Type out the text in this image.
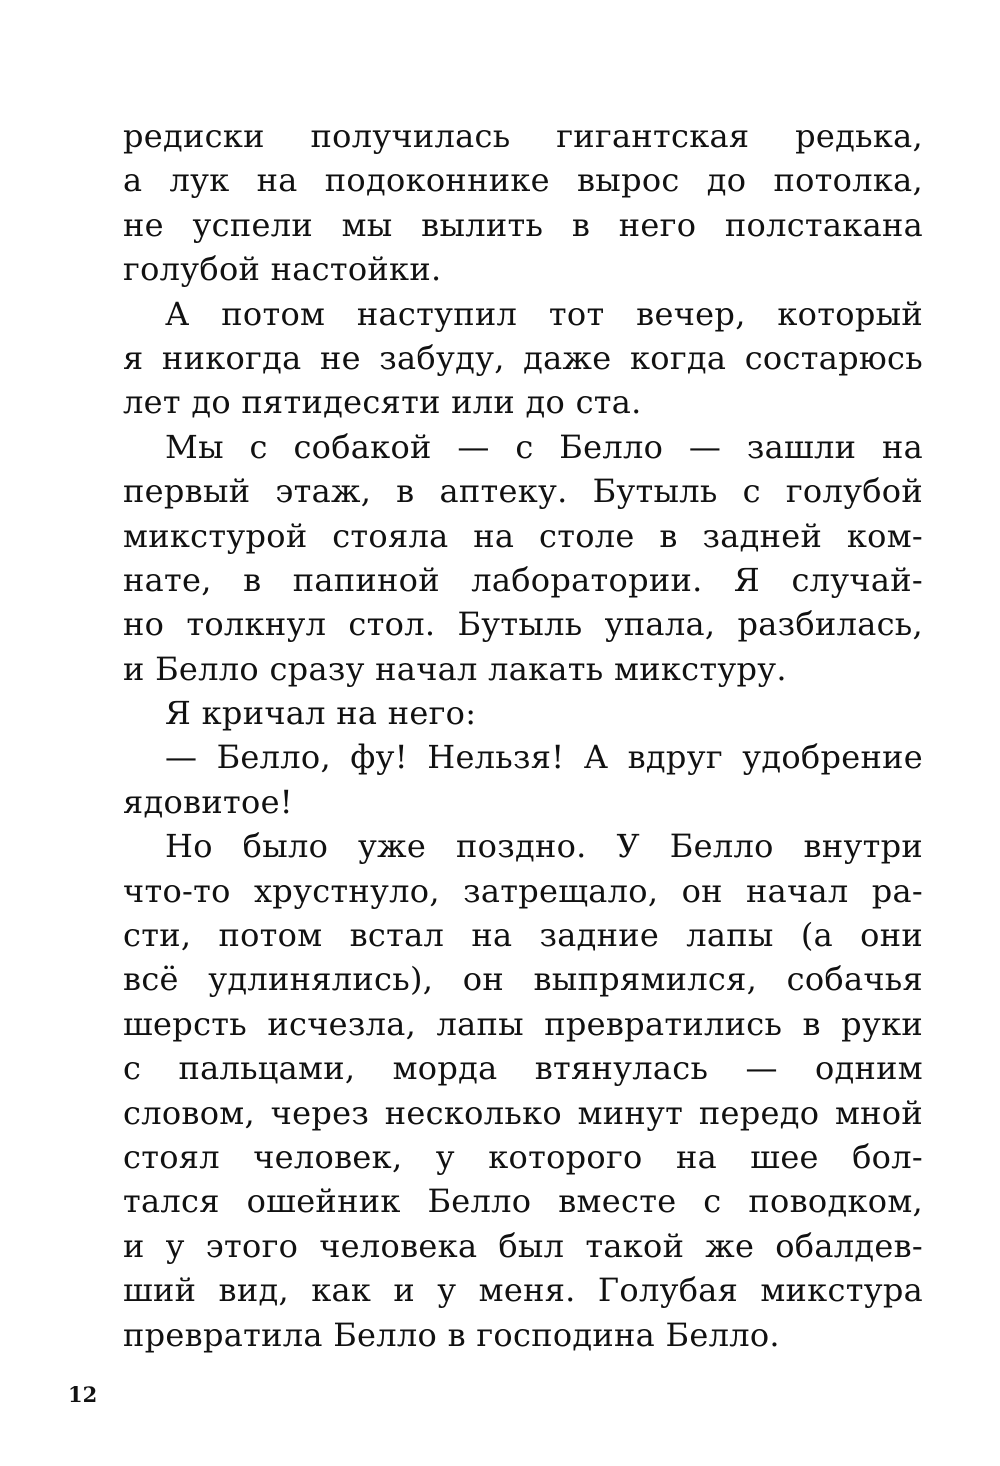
редиски получилась гигантская редька,
а лук на подоконнике вырос до потолка,
не успели мы вылить в него полстакана
голубой настойки.
А потом наступил тот вечер, который
я никогда не забуду, даже когда состарюсь
лет до пятидесяти или до ста.
Мы с собакой — с Белло — зашли на
первый этаж, в аптеку. Бутыль с голубой
микстурой стояла на столе в задней ком-
нате, в папиной лаборатории. Я случай-
но толкнул стол. Бутыль упала, разбилась,
и Белло сразу начал лакать микстуру.
Я кричал на него:
— Белло, фу! Нельзя! А вдруг удобрение
ядовитое!
Но было уже поздно. У Белло внутри
что-то хрустнуло, затрещало, он начал ра-
сти, потом встал на задние лапы (а они
всё удлинялись), он выпрямился, собачья
шерсть исчезла, лапы превратились в руки
с пальцами, морда втянулась — одним
словом, через несколько минут передо мной
стоял человек, у которого на шее бол-
тался ошейник Белло вместе с поводком,
и у этого человека был такой же обалдев-
ший вид, как и у меня. Голубая микстура
превратила Белло в господина Белло.
12
